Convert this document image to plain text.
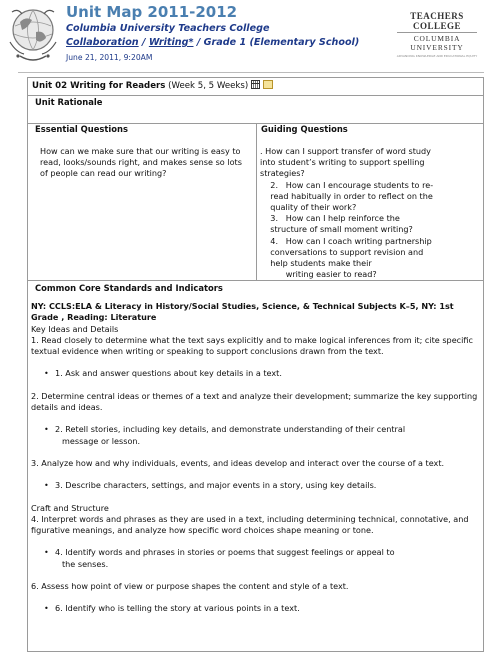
Unit Map 2011-2012
Columbia University Teachers College
Collaboration / Writing* / Grade 1 (Elementary School)
June 21, 2011, 9:20AM
TEACHERS COLLEGE
COLUMBIA UNIVERSITY
ADVANCING KNOWLEDGE AND EDUCATIONAL EQUITY
Unit 02 Writing for Readers (Week 5, 5 Weeks)
Unit Rationale
Essential Questions
How can we make sure that our writing is easy to read, looks/sounds right, and makes sense so lots of people can read our writing?
Guiding Questions
. How can I support transfer of word study
into student’s writing to support spelling
strategies?
2.   How can I encourage students to re-
read habitually in order to reflect on the
quality of their work?
3.   How can I help reinforce the
structure of small moment writing?
4.   How can I coach writing partnership
conversations to support revision and
help students make their
writing easier to read?
Common Core Standards and Indicators

NY: CCLS:ELA & Literacy in History/Social Studies, Science, & Technical Subjects K–5, NY: 1st Grade , Reading: Literature

Key Ideas and Details

1. Read closely to determine what the text says explicitly and to make logical inferences from it; cite specific textual evidence when writing or speaking to support conclusions drawn from the text.

• 1. Ask and answer questions about key details in a text.

2. Determine central ideas or themes of a text and analyze their development; summarize the key supporting details and ideas.

• 2. Retell stories, including key details, and demonstrate understanding of their central
message or lesson.

3. Analyze how and why individuals, events, and ideas develop and interact over the course of a text.

• 3. Describe characters, settings, and major events in a story, using key details.

Craft and Structure

4. Interpret words and phrases as they are used in a text, including determining technical, connotative, and figurative meanings, and analyze how specific word choices shape meaning or tone.

• 4. Identify words and phrases in stories or poems that suggest feelings or appeal to
the senses.

6. Assess how point of view or purpose shapes the content and style of a text.

• 6. Identify who is telling the story at various points in a text.
